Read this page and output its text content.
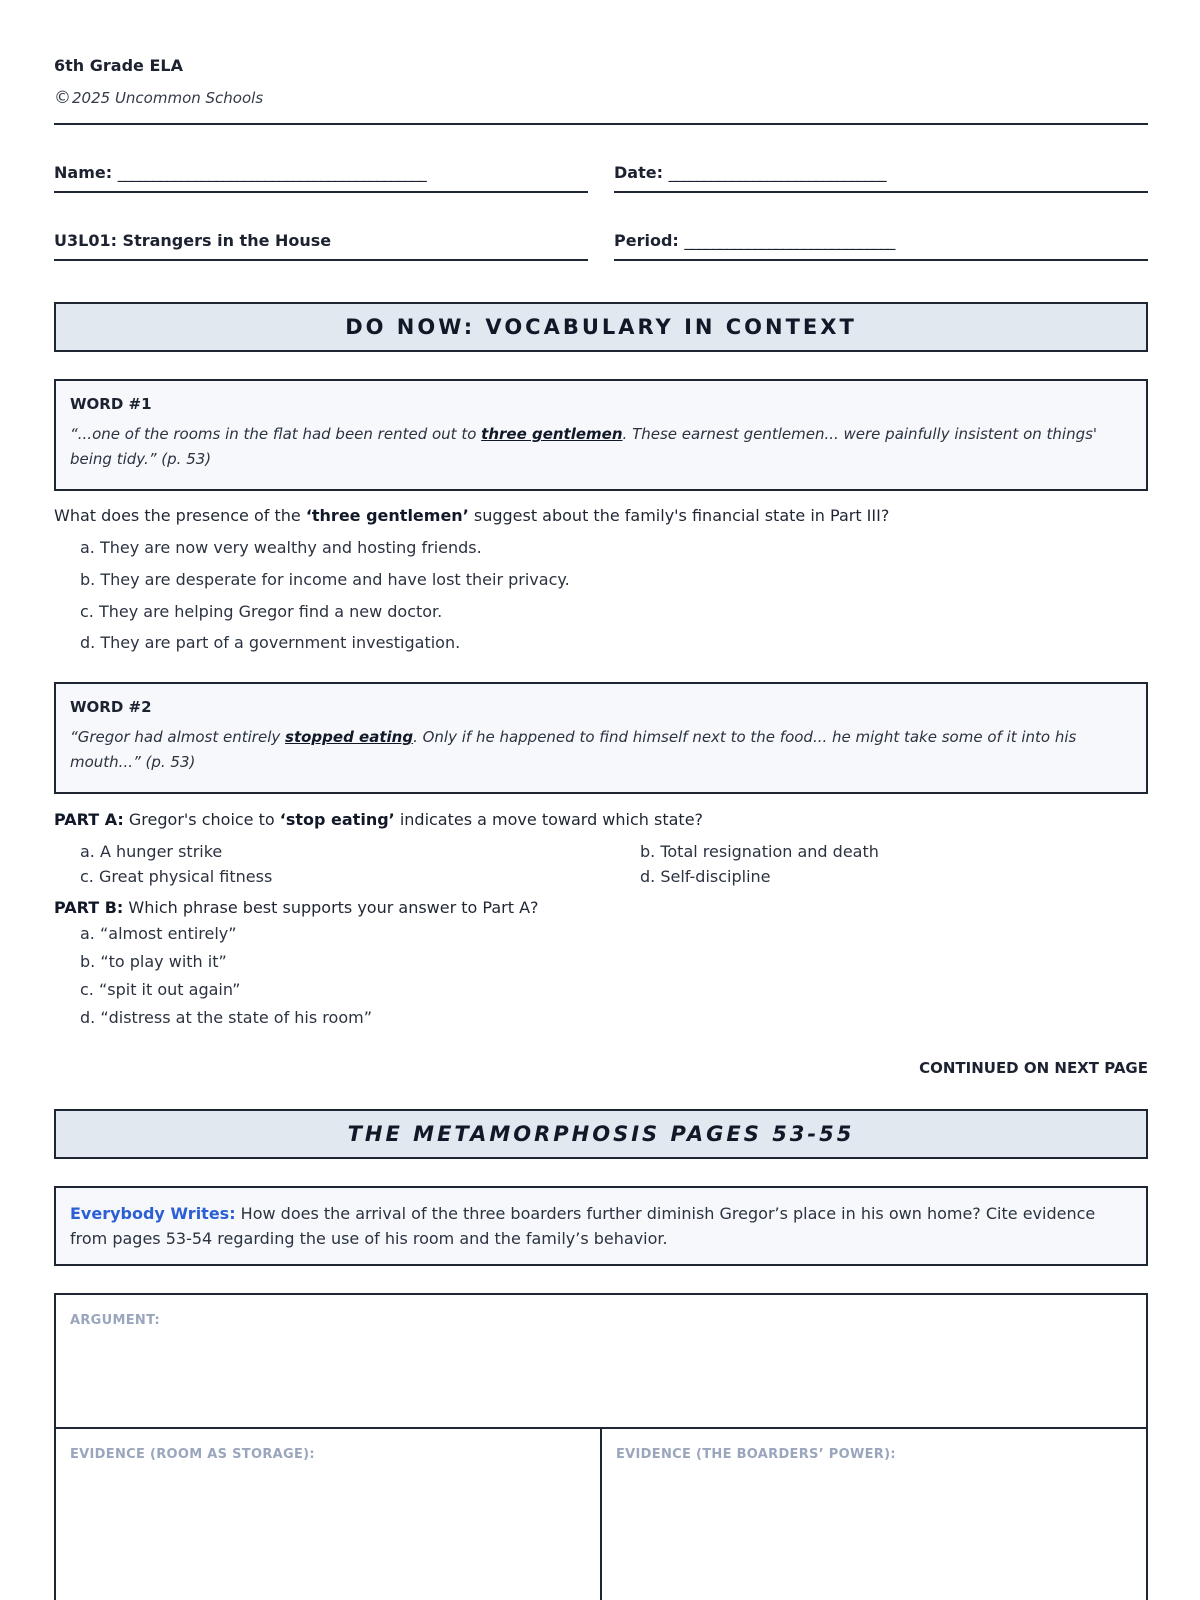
6th Grade ELA
©2025 Uncommon Schools
Name: ____________________________________________	Date: _______________________________
U3L01: Strangers in the House	Period: ______________________________
DO NOW: VOCABULARY IN CONTEXT
WORD #1
“...one of the rooms in the flat had been rented out to three gentlemen. These earnest gentlemen... were painfully insistent on things' being tidy.” (p. 53)
What does the presence of the ‘three gentlemen’ suggest about the family's financial state in Part III?
a. They are now very wealthy and hosting friends.
b. They are desperate for income and have lost their privacy.
c. They are helping Gregor find a new doctor.
d. They are part of a government investigation.
WORD #2
“Gregor had almost entirely stopped eating. Only if he happened to find himself next to the food... he might take some of it into his mouth...” (p. 53)
PART A: Gregor's choice to ‘stop eating’ indicates a move toward which state?
a. A hunger strike	b. Total resignation and death
c. Great physical fitness	d. Self-discipline
PART B: Which phrase best supports your answer to Part A?
a. “almost entirely”
b. “to play with it”
c. “spit it out again”
d. “distress at the state of his room”
CONTINUED ON NEXT PAGE
THE METAMORPHOSIS PAGES 53-55
Everybody Writes: How does the arrival of the three boarders further diminish Gregor’s place in his own home? Cite evidence from pages 53-54 regarding the use of his room and the family’s behavior.
ARGUMENT:
EVIDENCE (ROOM AS STORAGE):	EVIDENCE (THE BOARDERS’ POWER):
